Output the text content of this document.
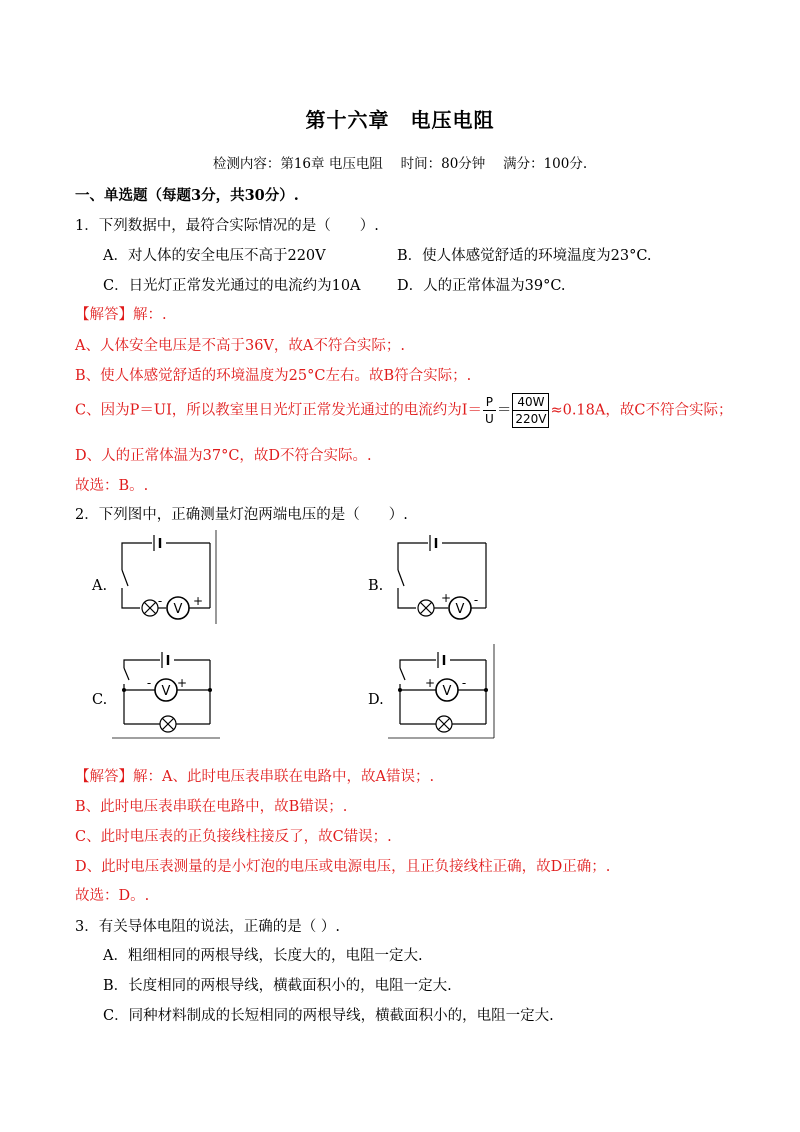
第十六章　电压电阻
检测内容：第16章 电压电阻　 时间：80分钟　 满分：100分.
一、单选题（每题3分，共30分）.
1．下列数据中，最符合实际情况的是（　　）.
A．对人体的安全电压不高于220V	B．使人体感觉舒适的环境温度为23°C.
C．日光灯正常发光通过的电流约为10A	D．人的正常体温为39°C.
【解答】解：.
A、人体安全电压是不高于36V，故A不符合实际；.
B、使人体感觉舒适的环境温度为25°C左右。故B符合实际；.
C、因为P＝UI，所以教室里日光灯正常发光通过的电流约为$I= \frac{P}{U} = \frac{40W}{220V} \approx 0.18A$，故C不符合实际；
D、人的正常体温为37°C，故D不符合实际。.
故选：B。.
2．下列图中，正确测量灯泡两端电压的是（　　）.
A.	B.
C.	D.
V
+
-
V
+ -
V
+
-
V
+ -
【解答】解：A、此时电压表串联在电路中，故A错误；.
B、此时电压表串联在电路中，故B错误；.
C、此时电压表的正负接线柱接反了，故C错误；.
D、此时电压表测量的是小灯泡的电压或电源电压，且正负接线柱正确，故D正确；.
故选：D。.
3．有关导体电阻的说法，正确的是（ ）.
A．粗细相同的两根导线，长度大的，电阻一定大.
B．长度相同的两根导线，横截面积小的，电阻一定大.
C．同种材料制成的长短相同的两根导线，横截面积小的，电阻一定大.
